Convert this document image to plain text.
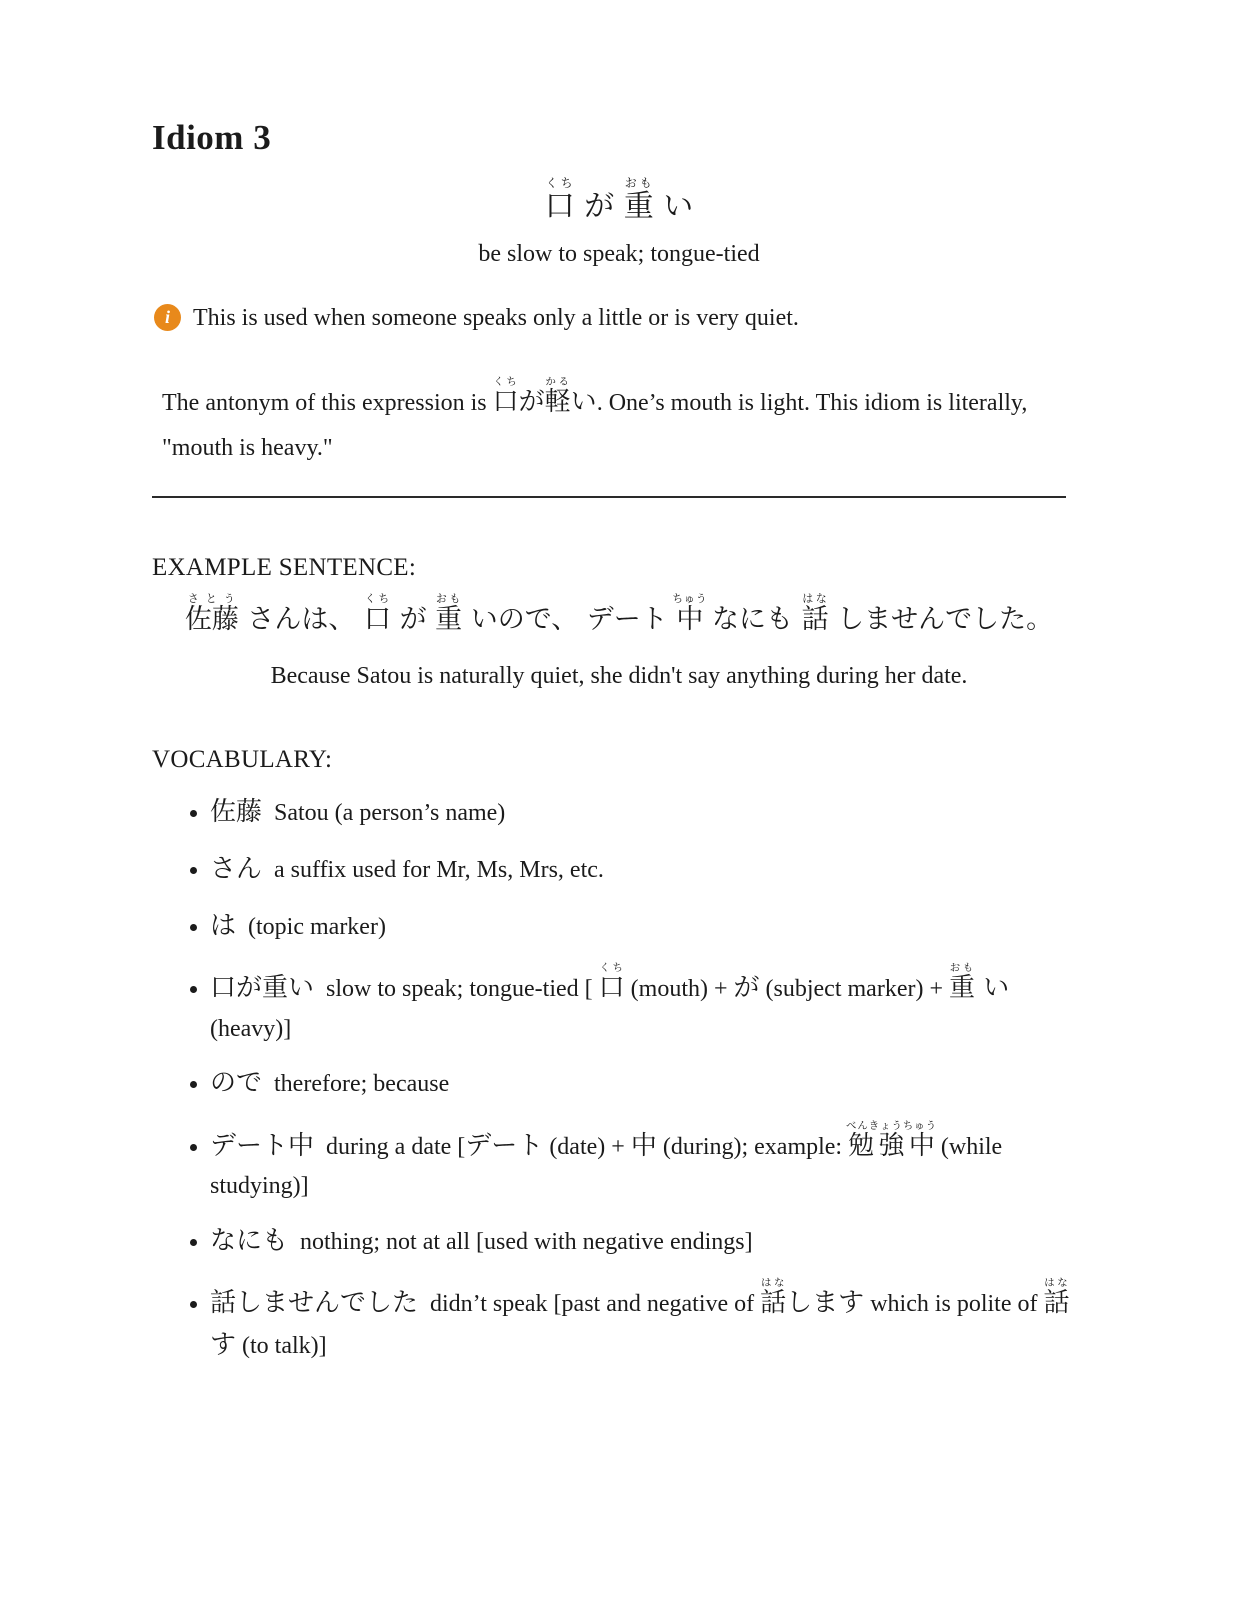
Idiom 3
口くち が 重おも い
be slow to speak; tongue-tied
i This is used when someone speaks only a little or is very quiet.

The antonym of this expression is 口くちが軽かるい. One’s mouth is light. This idiom is literally, "mouth is heavy."

EXAMPLE SENTENCE:
佐藤さとう さんは、 口くち が 重おも いので、 デート 中ちゅう なにも 話はな しませんでした。
Because Satou is naturally quiet, she didn't say anything during her date.
VOCABULARY:
• 佐藤 Satou (a person’s name)
• さん a suffix used for Mr, Ms, Mrs, etc.
• は (topic marker)
• 口が重い slow to speak; tongue-tied [ 口くち (mouth) + が (subject marker) + 重おも い (heavy)]
• ので therefore; because
• デート中 during a date [デート (date) + 中 (during); example: 勉強中べんきょうちゅう (while studying)]
• なにも nothing; not at all [used with negative endings]
• 話しませんでした didn’t speak [past and negative of 話はなします which is polite of 話はなす (to talk)]
